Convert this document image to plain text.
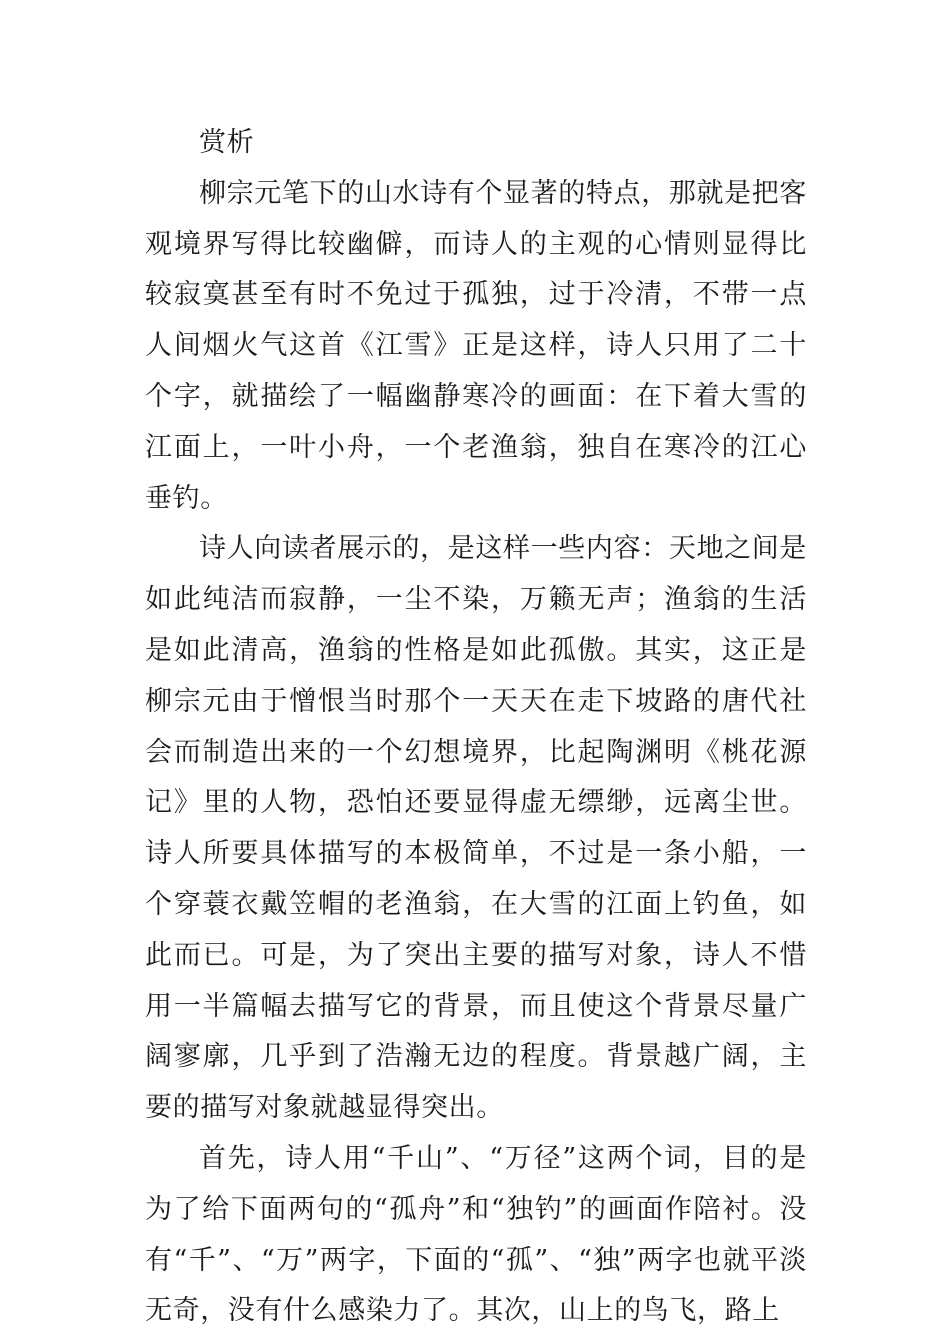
赏析

柳宗元笔下的山水诗有个显著的特点，那就是把客观境界写得比较幽僻，而诗人的主观的心情则显得比较寂寞甚至有时不免过于孤独，过于冷清，不带一点人间烟火气这首《江雪》正是这样，诗人只用了二十个字，就描绘了一幅幽静寒冷的画面：在下着大雪的江面上，一叶小舟，一个老渔翁，独自在寒冷的江心垂钓。

诗人向读者展示的，是这样一些内容：天地之间是如此纯洁而寂静，一尘不染，万籁无声；渔翁的生活是如此清高，渔翁的性格是如此孤傲。其实，这正是柳宗元由于憎恨当时那个一天天在走下坡路的唐代社会而制造出来的一个幻想境界，比起陶渊明《桃花源记》里的人物，恐怕还要显得虚无缥缈，远离尘世。诗人所要具体描写的本极简单，不过是一条小船，一个穿蓑衣戴笠帽的老渔翁，在大雪的江面上钓鱼，如此而已。可是，为了突出主要的描写对象，诗人不惜用一半篇幅去描写它的背景，而且使这个背景尽量广阔寥廓，几乎到了浩瀚无边的程度。背景越广阔，主要的描写对象就越显得突出。

首先，诗人用“千山”、“万径”这两个词，目的是为了给下面两句的“孤舟”和“独钓”的画面作陪衬。没有“千”、“万”两字，下面的“孤”、“独”两字也就平淡无奇，没有什么感染力了。其次，山上的鸟飞，路上
